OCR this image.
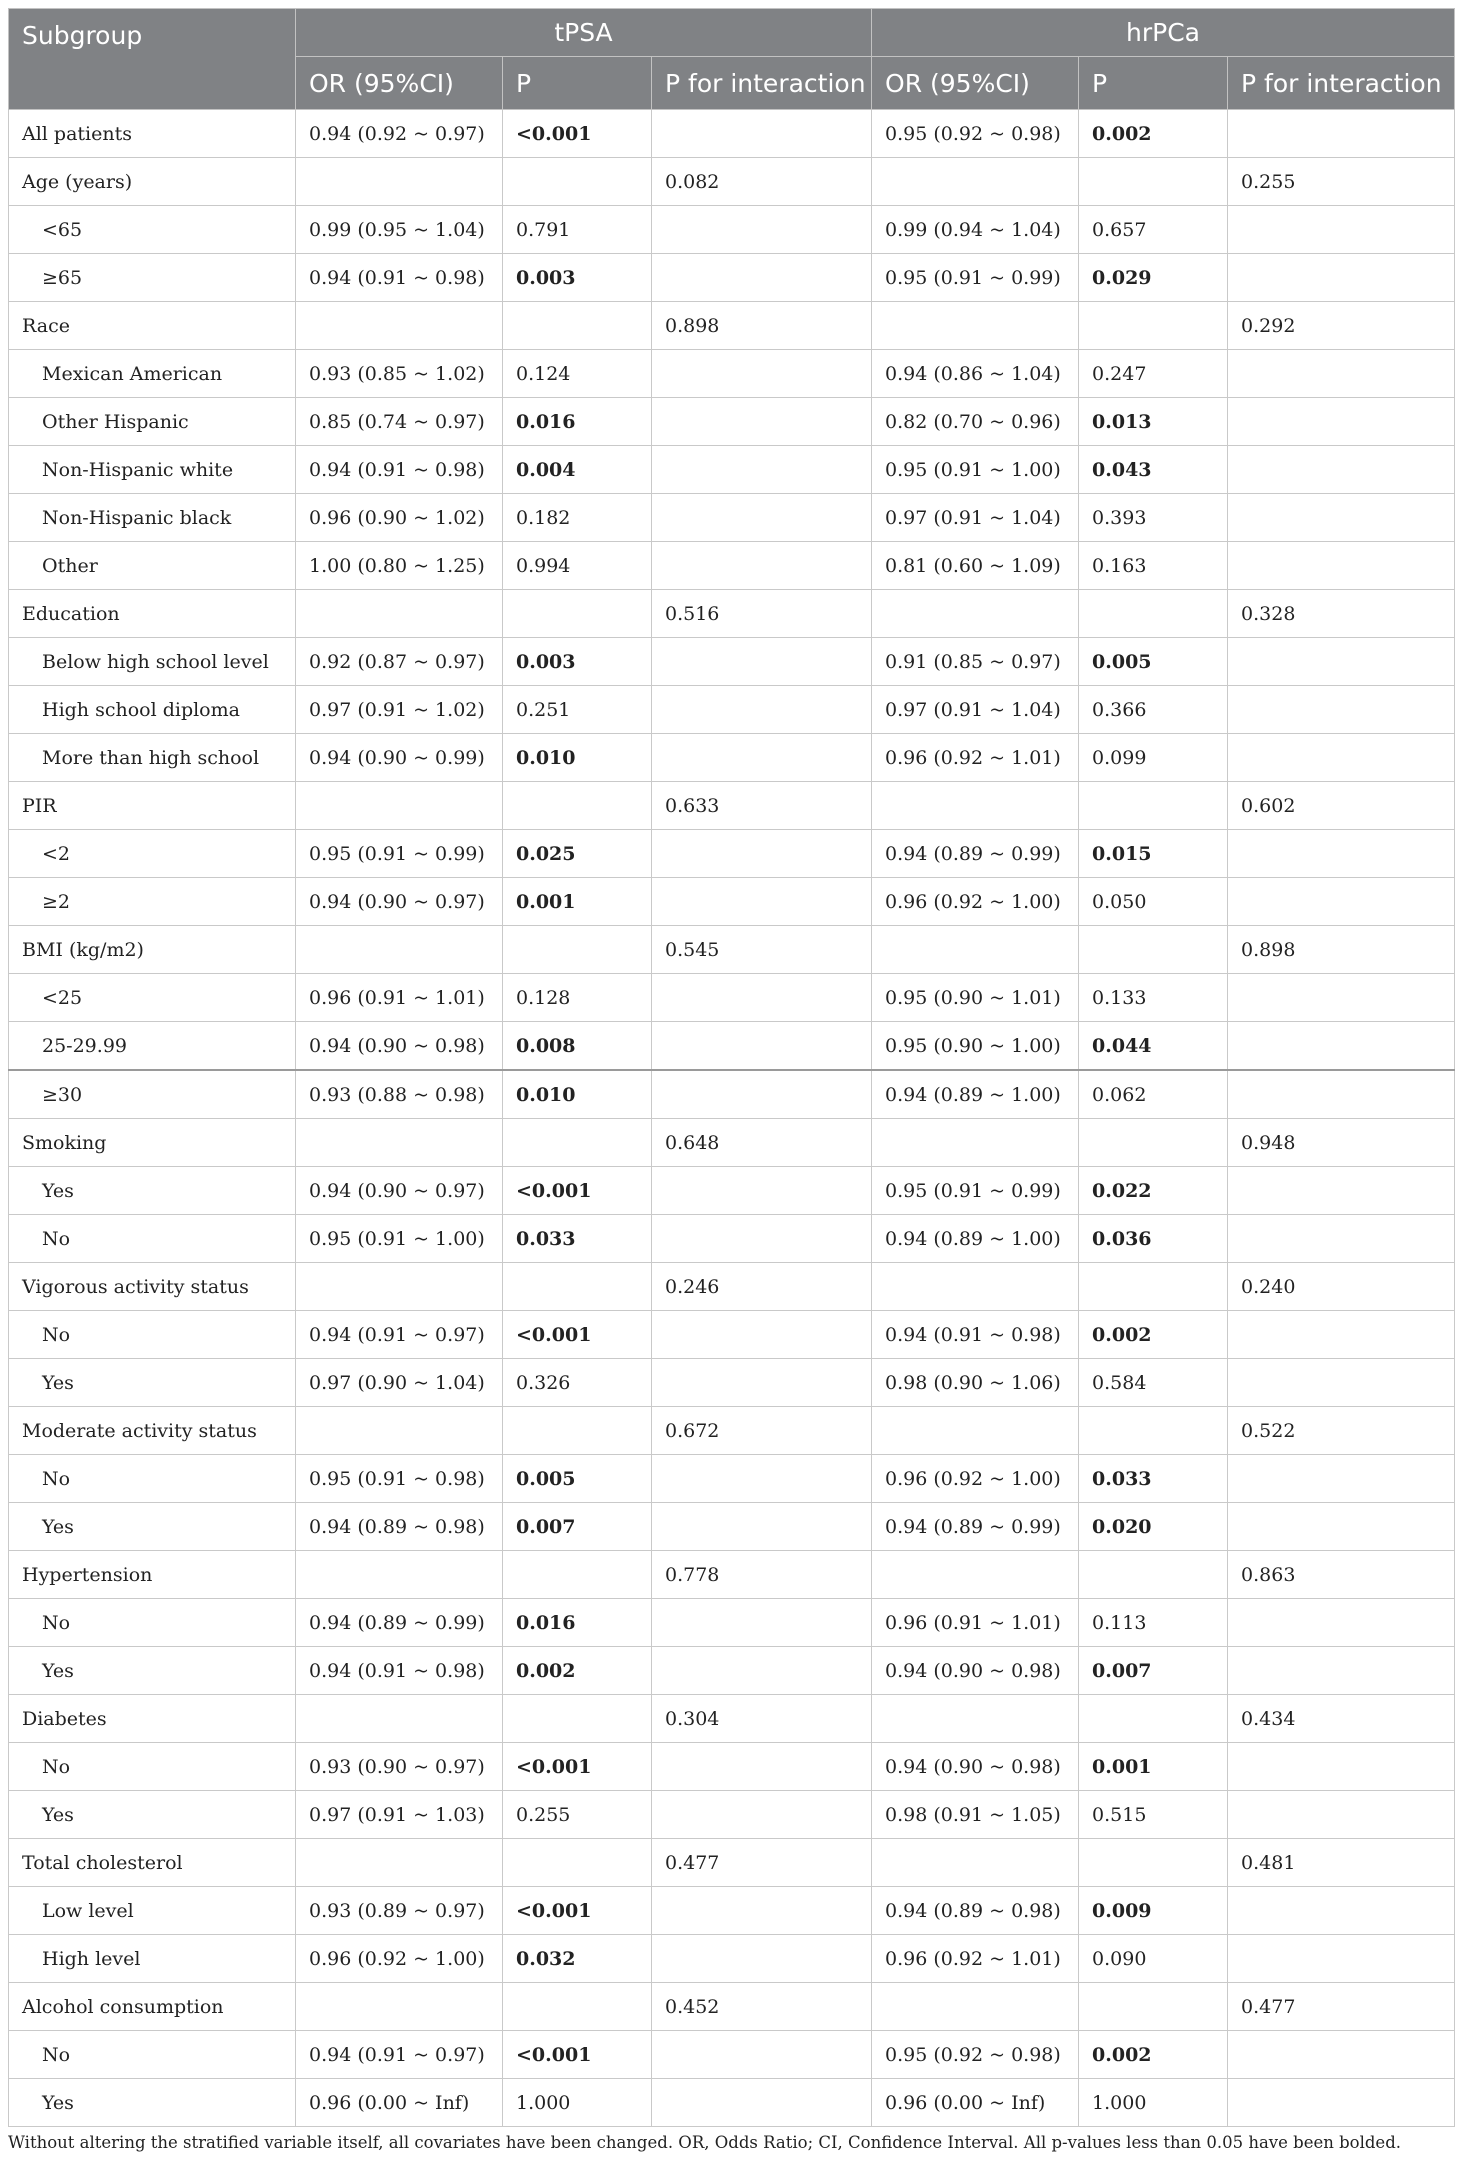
Subgroup	tPSA			hrPCa		
	OR (95%CI)	P	P for interaction	OR (95%CI)	P	P for interaction
All patients	0.94 (0.92 ~ 0.97)	<0.001		0.95 (0.92 ~ 0.98)	0.002	
Age (years)			0.082			0.255
<65	0.99 (0.95 ~ 1.04)	0.791		0.99 (0.94 ~ 1.04)	0.657	
≥65	0.94 (0.91 ~ 0.98)	0.003		0.95 (0.91 ~ 0.99)	0.029	
Race			0.898			0.292
Mexican American	0.93 (0.85 ~ 1.02)	0.124		0.94 (0.86 ~ 1.04)	0.247	
Other Hispanic	0.85 (0.74 ~ 0.97)	0.016		0.82 (0.70 ~ 0.96)	0.013	
Non-Hispanic white	0.94 (0.91 ~ 0.98)	0.004		0.95 (0.91 ~ 1.00)	0.043	
Non-Hispanic black	0.96 (0.90 ~ 1.02)	0.182		0.97 (0.91 ~ 1.04)	0.393	
Other	1.00 (0.80 ~ 1.25)	0.994		0.81 (0.60 ~ 1.09)	0.163	
Education			0.516			0.328
Below high school level	0.92 (0.87 ~ 0.97)	0.003		0.91 (0.85 ~ 0.97)	0.005	
High school diploma	0.97 (0.91 ~ 1.02)	0.251		0.97 (0.91 ~ 1.04)	0.366	
More than high school	0.94 (0.90 ~ 0.99)	0.010		0.96 (0.92 ~ 1.01)	0.099	
PIR			0.633			0.602
<2	0.95 (0.91 ~ 0.99)	0.025		0.94 (0.89 ~ 0.99)	0.015	
≥2	0.94 (0.90 ~ 0.97)	0.001		0.96 (0.92 ~ 1.00)	0.050	
BMI (kg/m2)			0.545			0.898
<25	0.96 (0.91 ~ 1.01)	0.128		0.95 (0.90 ~ 1.01)	0.133	
25-29.99	0.94 (0.90 ~ 0.98)	0.008		0.95 (0.90 ~ 1.00)	0.044	
≥30	0.93 (0.88 ~ 0.98)	0.010		0.94 (0.89 ~ 1.00)	0.062	
Smoking			0.648			0.948
Yes	0.94 (0.90 ~ 0.97)	<0.001		0.95 (0.91 ~ 0.99)	0.022	
No	0.95 (0.91 ~ 1.00)	0.033		0.94 (0.89 ~ 1.00)	0.036	
Vigorous activity status			0.246			0.240
No	0.94 (0.91 ~ 0.97)	<0.001		0.94 (0.91 ~ 0.98)	0.002	
Yes	0.97 (0.90 ~ 1.04)	0.326		0.98 (0.90 ~ 1.06)	0.584	
Moderate activity status			0.672			0.522
No	0.95 (0.91 ~ 0.98)	0.005		0.96 (0.92 ~ 1.00)	0.033	
Yes	0.94 (0.89 ~ 0.98)	0.007		0.94 (0.89 ~ 0.99)	0.020	
Hypertension			0.778			0.863
No	0.94 (0.89 ~ 0.99)	0.016		0.96 (0.91 ~ 1.01)	0.113	
Yes	0.94 (0.91 ~ 0.98)	0.002		0.94 (0.90 ~ 0.98)	0.007	
Diabetes			0.304			0.434
No	0.93 (0.90 ~ 0.97)	<0.001		0.94 (0.90 ~ 0.98)	0.001	
Yes	0.97 (0.91 ~ 1.03)	0.255		0.98 (0.91 ~ 1.05)	0.515	
Total cholesterol			0.477			0.481
Low level	0.93 (0.89 ~ 0.97)	<0.001		0.94 (0.89 ~ 0.98)	0.009	
High level	0.96 (0.92 ~ 1.00)	0.032		0.96 (0.92 ~ 1.01)	0.090	
Alcohol consumption			0.452			0.477
No	0.94 (0.91 ~ 0.97)	<0.001		0.95 (0.92 ~ 0.98)	0.002	
Yes	0.96 (0.00 ~ Inf)	1.000		0.96 (0.00 ~ Inf)	1.000	
Without altering the stratified variable itself, all covariates have been changed. OR, Odds Ratio; CI, Confidence Interval. All p-values less than 0.05 have been bolded.
